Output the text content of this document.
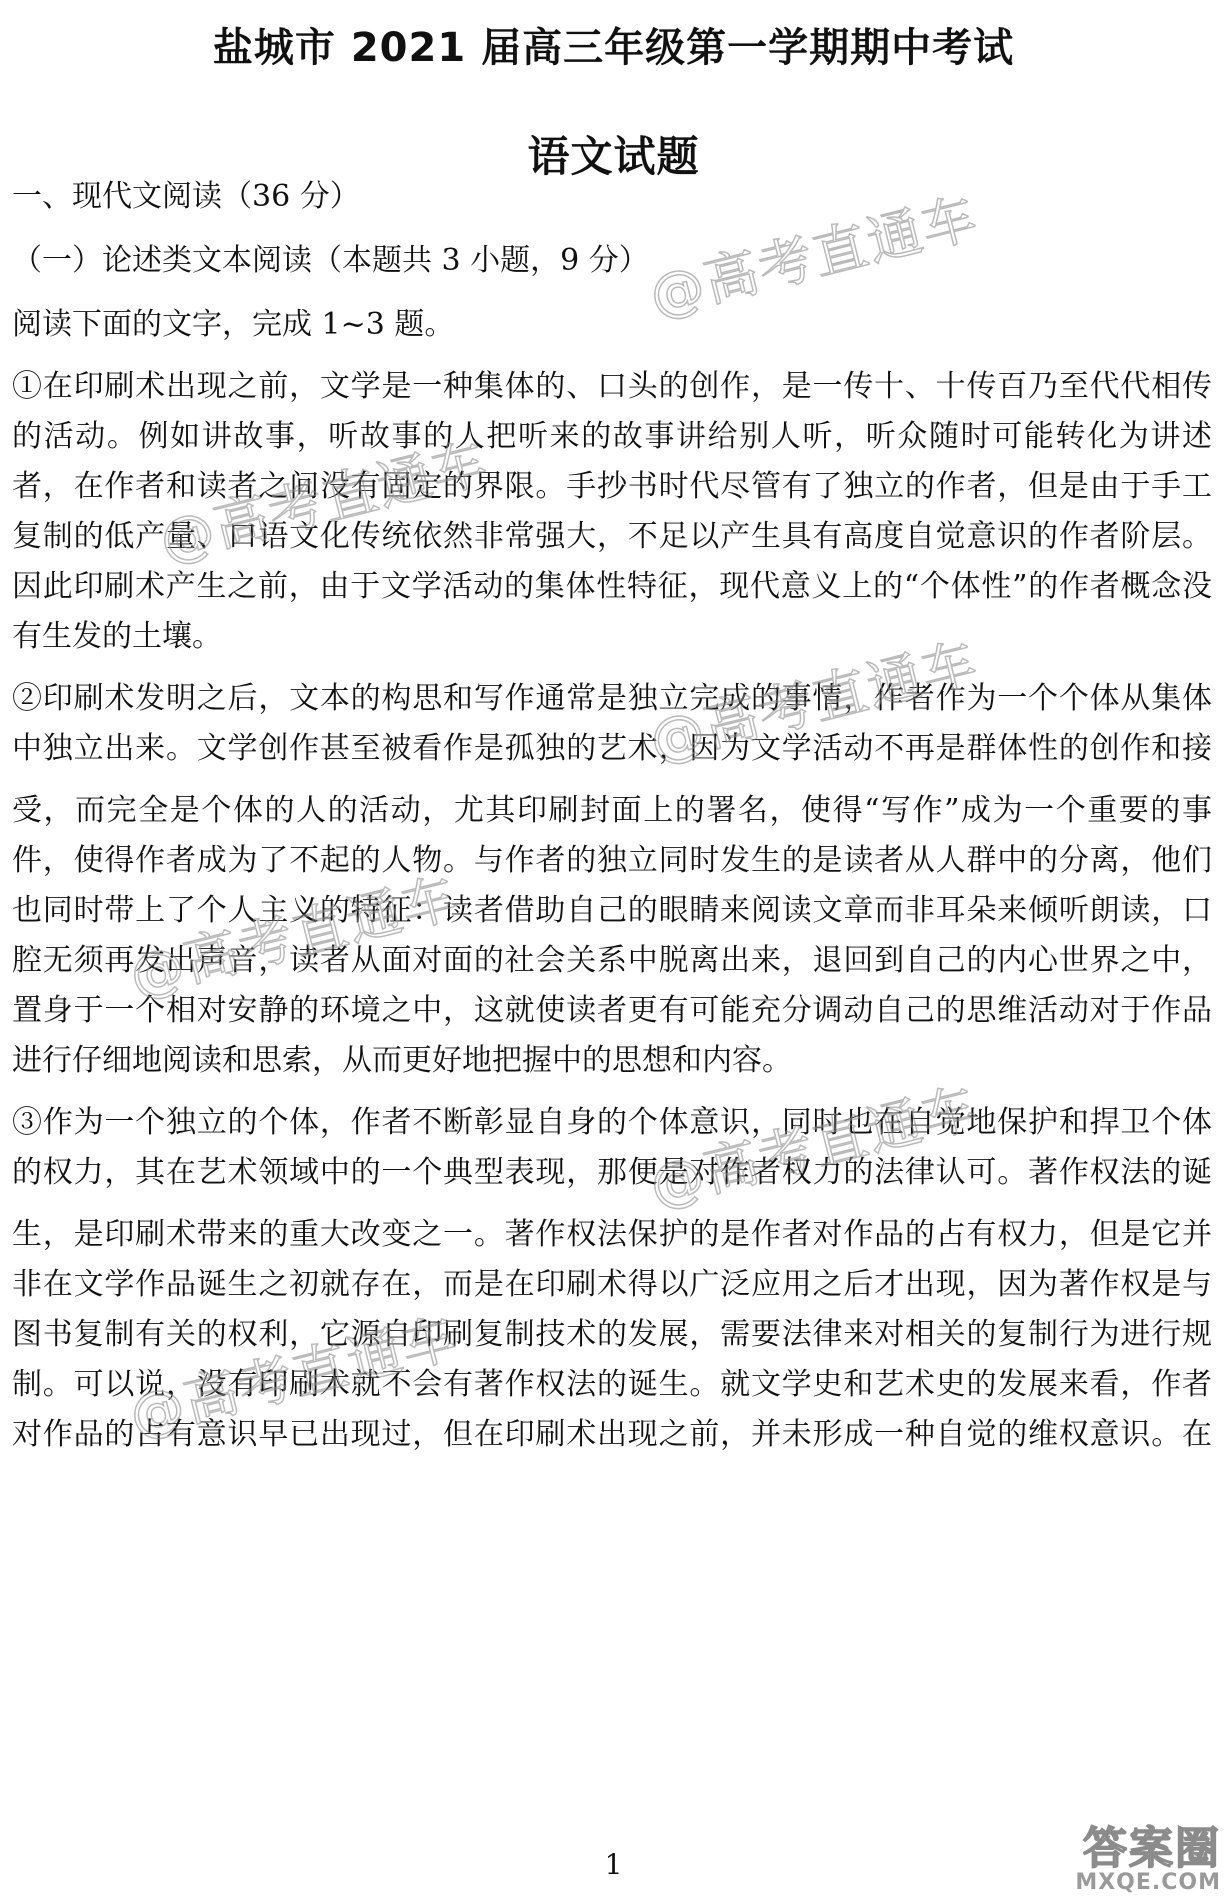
盐城市 2021 届高三年级第一学期期中考试
语文试题
一、现代文阅读（36 分）
（一）论述类文本阅读（本题共 3 小题，9 分）
阅读下面的文字，完成 1~3 题。
①在印刷术出现之前，文学是一种集体的、口头的创作，是一传十、十传百乃至代代相传
的活动。例如讲故事，听故事的人把听来的故事讲给别人听，听众随时可能转化为讲述
者，在作者和读者之间没有固定的界限。手抄书时代尽管有了独立的作者，但是由于手工
复制的低产量、口语文化传统依然非常强大，不足以产生具有高度自觉意识的作者阶层。
因此印刷术产生之前，由于文学活动的集体性特征，现代意义上的“个体性”的作者概念没
有生发的土壤。
②印刷术发明之后，文本的构思和写作通常是独立完成的事情，作者作为一个个体从集体
中独立出来。文学创作甚至被看作是孤独的艺术，因为文学活动不再是群体性的创作和接
受，而完全是个体的人的活动，尤其印刷封面上的署名，使得“写作”成为一个重要的事
件，使得作者成为了不起的人物。与作者的独立同时发生的是读者从人群中的分离，他们
也同时带上了个人主义的特征：读者借助自己的眼睛来阅读文章而非耳朵来倾听朗读，口
腔无须再发出声音，读者从面对面的社会关系中脱离出来，退回到自己的内心世界之中，
置身于一个相对安静的环境之中，这就使读者更有可能充分调动自己的思维活动对于作品
进行仔细地阅读和思索，从而更好地把握中的思想和内容。
③作为一个独立的个体，作者不断彰显自身的个体意识，同时也在自觉地保护和捍卫个体
的权力，其在艺术领域中的一个典型表现，那便是对作者权力的法律认可。著作权法的诞
生，是印刷术带来的重大改变之一。著作权法保护的是作者对作品的占有权力，但是它并
非在文学作品诞生之初就存在，而是在印刷术得以广泛应用之后才出现，因为著作权是与
图书复制有关的权利，它源自印刷复制技术的发展，需要法律来对相关的复制行为进行规
制。可以说，没有印刷术就不会有著作权法的诞生。就文学史和艺术史的发展来看，作者
对作品的占有意识早已出现过，但在印刷术出现之前，并未形成一种自觉的维权意识。在
1
@高考直通车
@高考直通车
@高考直通车
@高考直通车
@高考直通车
@高考直通车
答案圈
MXQE.COM
